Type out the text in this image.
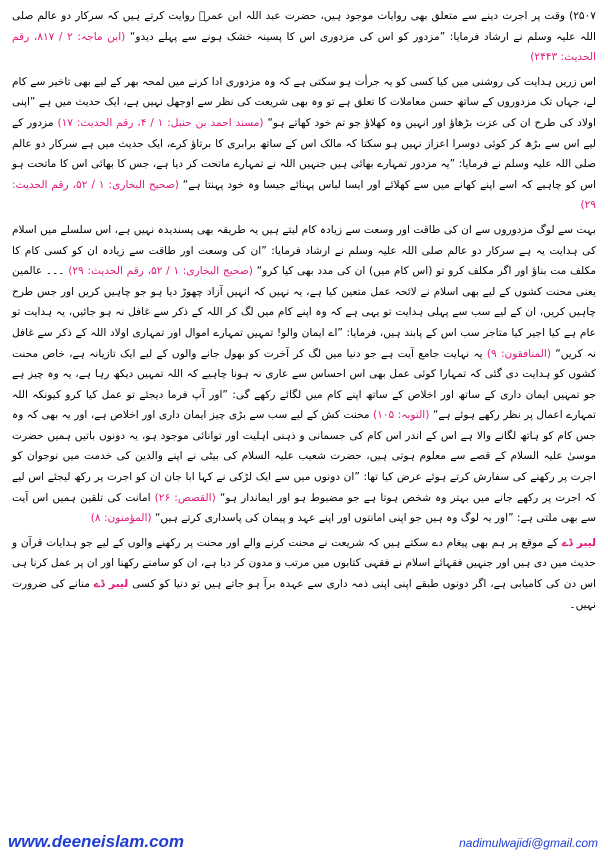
۲۵۰۷) وقت پر اجرت دینے سے متعلق بھی روایات موجود ہیں، حضرت عبد اللہ ابن عمرؓ روایت کرتے ہیں کہ سرکار دو عالم صلی اللہ علیہ وسلم نے ارشاد فرمایا: ”مزدور کو اس کی مزدوری اس کا پسینہ خشک ہونے سے پہلے دیدو“ (ابن ماجہ: ۲ / ۸۱۷، رقم الحدیث: ۲۴۴۳)

اس زریں ہدایت کی روشنی میں کیا کسی کو یہ جرأت ہو سکتی ہے کہ وہ مزدوری ادا کرنے میں لمحہ بھر کے لیے بھی تاخیر سے کام لے، جہاں تک مزدوروں کے ساتھ حسن معاملات کا تعلق ہے تو وہ بھی شریعت کی نظر سے اوجھل نہیں ہے، ایک حدیث میں ہے ”اپنی اولاد کی طرح ان کی عزت بڑھاؤ اور انہیں وہ کھلاؤ جو تم خود کھاتے ہو“ (مسند احمد بن حنبل: ۱ / ۴، رقم الحدیث: ۱۷) مزدور کے لیے اس سے بڑھ کر کوئی دوسرا اعزاز نہیں ہو سکتا کہ مالک اس کے ساتھ برابری کا برتاؤ کرے، ایک حدیث میں ہے سرکار دو عالم صلی اللہ علیہ وسلم نے فرمایا: ”یہ مزدور تمہارے بھائی ہیں جنہیں اللہ نے تمہارے ماتحت کر دیا ہے، جس کا بھائی اس کا ماتحت ہو اس کو چاہیے کہ اسے اپنے کھانے میں سے کھلائے اور ایسا لباس پہنائے جیسا وہ خود پہنتا ہے“ (صحیح البخاری: ۱ / ۵۲، رقم الحدیث: ۲۹)

بہت سے لوگ مزدوروں سے ان کی طاقت اور وسعت سے زیادہ کام لیتے ہیں یہ طریقہ بھی پسندیدہ نہیں ہے، اس سلسلے میں اسلام کی ہدایت یہ ہے سرکار دو عالم صلی اللہ علیہ وسلم نے ارشاد فرمایا: ”ان کی وسعت اور طاقت سے زیادہ ان کو کسی کام کا مکلف مت بناؤ اور اگر مکلف کرو تو (اس کام میں) ان کی مدد بھی کیا کرو“ (صحیح البخاری: ۱ / ۵۲، رقم الحدیث: ۲۹) ۔۔۔ عالمین یعنی محنت کشوں کے لیے بھی اسلام نے لائحہ عمل متعین کیا ہے، یہ نہیں کہ انہیں آزاد چھوڑ دیا ہو جو چاہیں کریں اور جس طرح چاہیں کریں، ان کے لیے سب سے پہلی ہدایت تو یہی ہے کہ وہ اپنے کام میں لگ کر اللہ کے ذکر سے غافل نہ ہو جائیں، یہ ہدایت تو عام ہے کیا اجیر کیا متاجر سب اس کے پابند ہیں، فرمایا: ”اے ایمان والو! تمہیں تمہارے اموال اور تمہاری اولاد اللہ کے ذکر سے غافل نہ کریں“ (المنافقون: ۹) یہ نہایت جامع آیت ہے جو دنیا میں لگ کر آخرت کو بھول جانے والوں کے لیے ایک تازیانہ ہے، خاص محنت کشوں کو ہدایت دی گئی کہ تمہارا کوئی عمل بھی اس احساس سے عاری نہ ہونا چاہیے کہ اللہ تمہیں دیکھ رہا ہے، یہ وہ چیز ہے جو تمہیں ایمان داری کے ساتھ اور اخلاص کے ساتھ اپنے کام میں لگائے رکھے گی: ”اور آپ فرما دیجئے تو عمل کیا کرو کیونکہ اللہ تمہارے اعمال پر نظر رکھے ہوئے ہے“ (التوبہ: ۱۰۵) محنت کش کے لیے سب سے بڑی چیز ایمان داری اور اخلاص ہے، اور یہ بھی کہ وہ جس کام کو ہاتھ لگانے والا ہے اس کے اندر اس کام کی جسمانی و ذہنی اہلیت اور توانائی موجود ہو، یہ دونوں باتیں ہمیں حضرت موسیٰ علیہ السلام کے قصے سے معلوم ہوتی ہیں، حضرت شعیب علیہ السلام کی بیٹی نے اپنے والدین کی خدمت میں نوجوان کو اجرت پر رکھنے کی سفارش کرتے ہوئے عرض کیا تھا: ”ان دونوں میں سے ایک لڑکی نے کہا ابا جان ان کو اجرت پر رکھ لیجئے اس لیے کہ اجرت پر رکھے جانے میں بہتر وہ شخص ہوتا ہے جو مضبوط ہو اور ایماندار ہو“ (القصص: ۲۶) امانت کی تلقین ہمیں اس آیت سے بھی ملتی ہے: ”اور یہ لوگ وہ ہیں جو اپنی امانتوں اور اپنے عہد و پیمان کی پاسداری کرتے ہیں“ (المؤمنون: ۸)

لیبر ڈے کے موقع پر ہم بھی پیغام دے سکتے ہیں کہ شریعت نے محنت کرنے والے اور محنت پر رکھنے والوں کے لیے جو ہدایات قرآن و حدیث میں دی ہیں اور جنہیں فقہائے اسلام نے فقہی کتابوں میں مرتب و مدون کر دیا ہے، ان کو سامنے رکھنا اور ان پر عمل کرنا ہی اس دن کی کامیابی ہے، اگر دونوں طبقے اپنی اپنی ذمہ داری سے عہدہ برآ ہو جاتے ہیں تو دنیا کو کسی لیبر ڈے منانے کی ضرورت نہیں۔

www.deeneislam.com	nadimulwajidi@gmail.com
